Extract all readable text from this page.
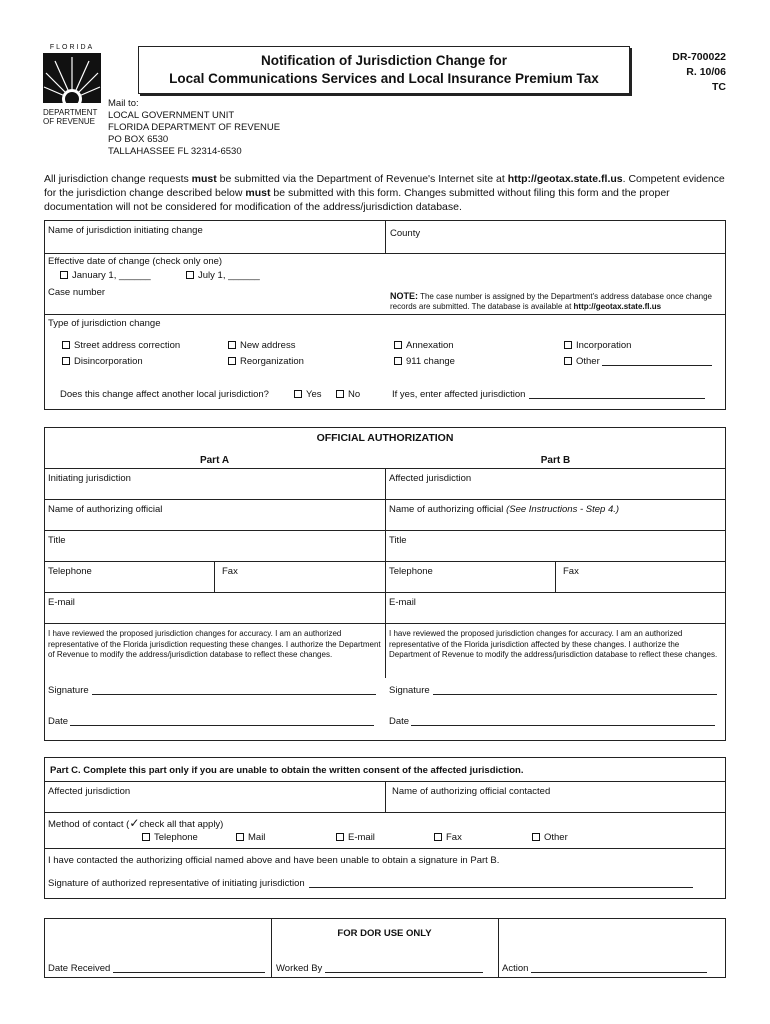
FLORIDA
DEPARTMENT
OF REVENUE
Notification of Jurisdiction Change for
Local Communications Services and Local Insurance Premium Tax
DR-700022
R. 10/06
TC
Mail to:
LOCAL GOVERNMENT UNIT
FLORIDA DEPARTMENT OF REVENUE
PO BOX 6530
TALLAHASSEE FL 32314-6530
All jurisdiction change requests must be submitted via the Department of Revenue's Internet site at http://geotax.state.fl.us. Competent evidence for the jurisdiction change described below must be submitted with this form. Changes submitted without filing this form and the proper documentation will not be considered for modification of the address/jurisdiction database.
Name of jurisdiction initiating change	County
Effective date of change (check only one)
January 1, ______	July 1, ______
Case number	NOTE: The case number is assigned by the Department's address database once change records are submitted. The database is available at http://geotax.state.fl.us
Type of jurisdiction change
Street address correction	New address	Annexation	Incorporation
Disincorporation	Reorganization	911 change	Other
Does this change affect another local jurisdiction?	Yes	No	If yes, enter affected jurisdiction
OFFICIAL AUTHORIZATION
Part A	Part B
Initiating jurisdiction	Affected jurisdiction
Name of authorizing official	Name of authorizing official (See Instructions - Step 4.)
Title	Title
Telephone	Fax	Telephone	Fax
E-mail	E-mail
I have reviewed the proposed jurisdiction changes for accuracy. I am an authorized representative of the Florida jurisdiction requesting these changes. I authorize the Department of Revenue to modify the address/jurisdiction database to reflect these changes.
I have reviewed the proposed jurisdiction changes for accuracy. I am an authorized representative of the Florida jurisdiction affected by these changes. I authorize the Department of Revenue to modify the address/jurisdiction database to reflect these changes.
Signature	Signature
Date	Date
Part C. Complete this part only if you are unable to obtain the written consent of the affected jurisdiction.
Affected jurisdiction	Name of authorizing official contacted
Method of contact (✓check all that apply)
Telephone	Mail	E-mail	Fax	Other
I have contacted the authorizing official named above and have been unable to obtain a signature in Part B.
Signature of authorized representative of initiating jurisdiction
FOR DOR USE ONLY
Date Received	Worked By	Action
